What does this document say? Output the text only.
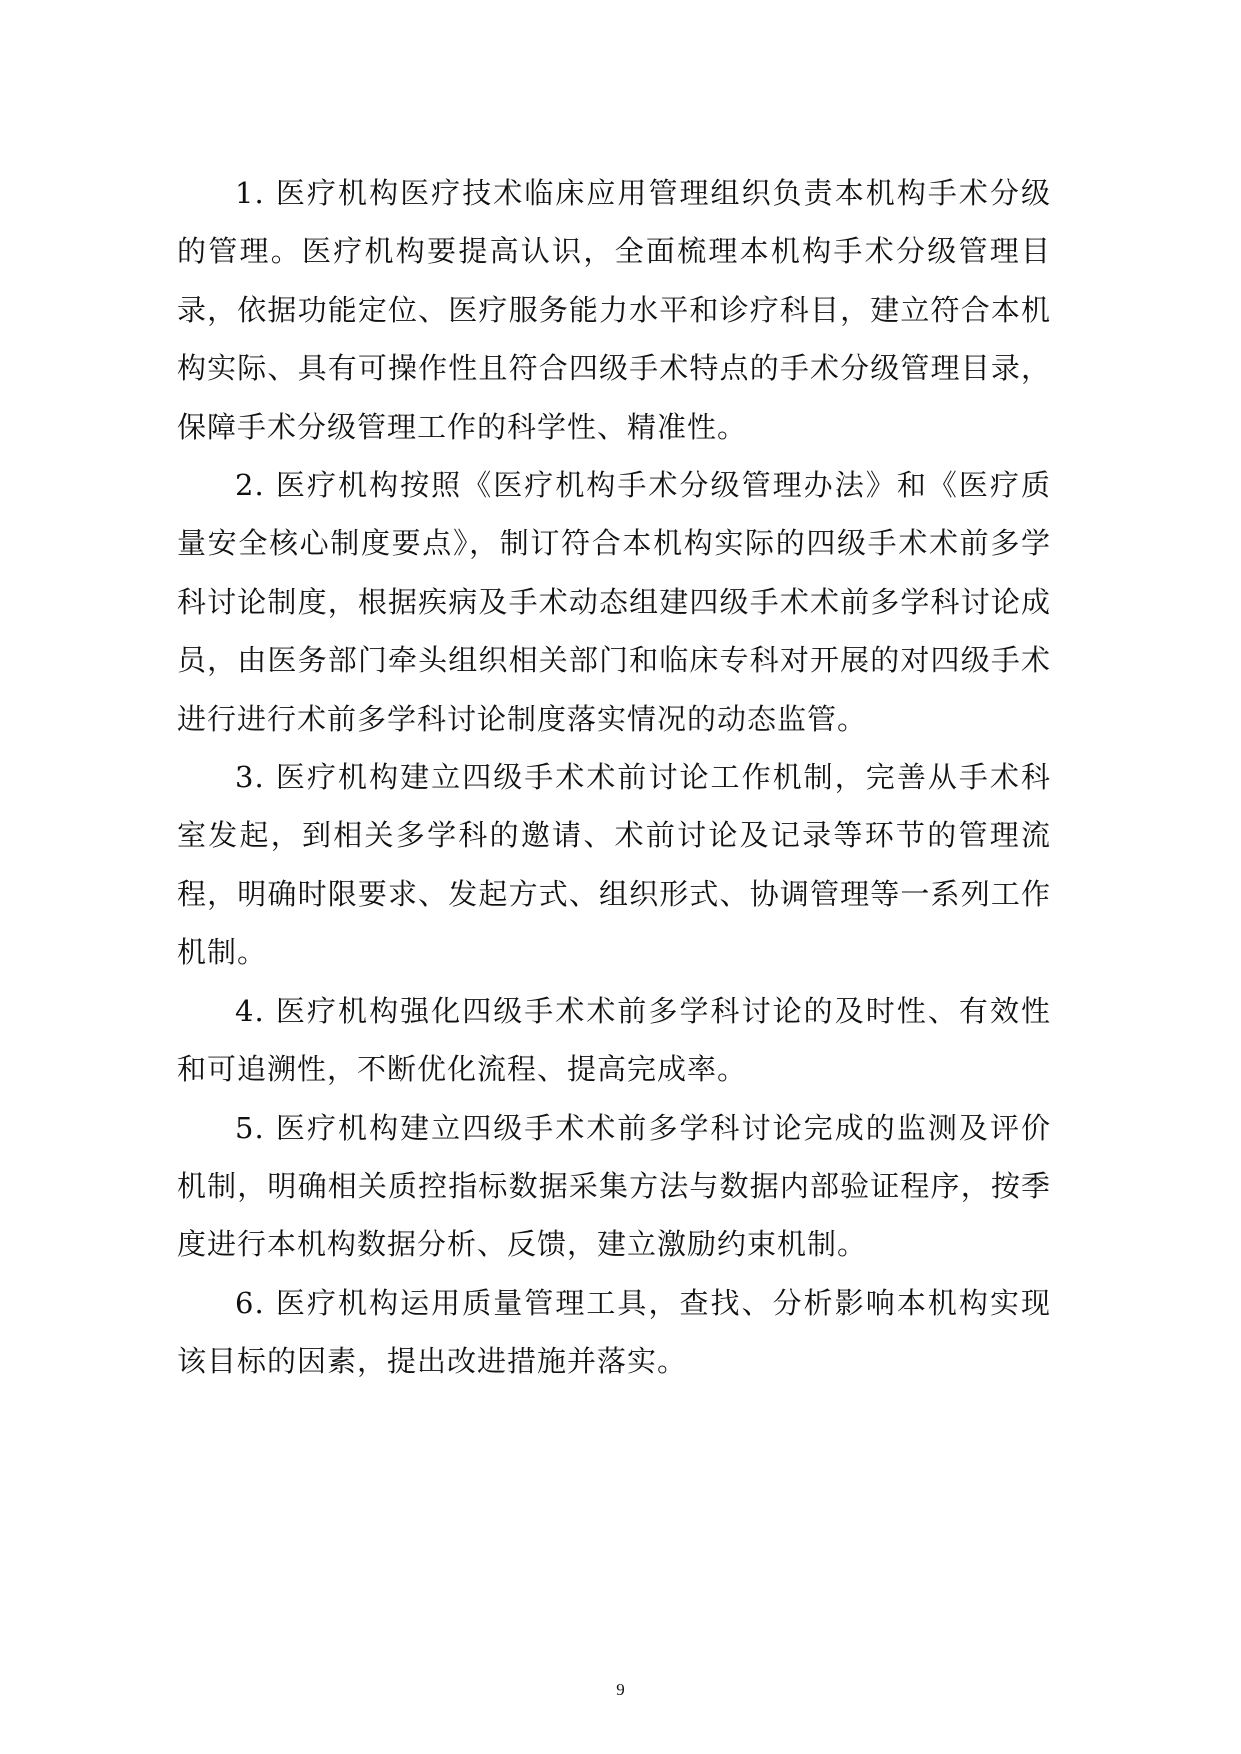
1. 医疗机构医疗技术临床应用管理组织负责本机构手术分级的管理。医疗机构要提高认识，全面梳理本机构手术分级管理目录，依据功能定位、医疗服务能力水平和诊疗科目，建立符合本机构实际、具有可操作性且符合四级手术特点的手术分级管理目录，保障手术分级管理工作的科学性、精准性。

2. 医疗机构按照《医疗机构手术分级管理办法》和《医疗质量安全核心制度要点》，制订符合本机构实际的四级手术术前多学科讨论制度，根据疾病及手术动态组建四级手术术前多学科讨论成员，由医务部门牵头组织相关部门和临床专科对开展的对四级手术进行进行术前多学科讨论制度落实情况的动态监管。

3. 医疗机构建立四级手术术前讨论工作机制，完善从手术科室发起，到相关多学科的邀请、术前讨论及记录等环节的管理流程，明确时限要求、发起方式、组织形式、协调管理等一系列工作机制。

4. 医疗机构强化四级手术术前多学科讨论的及时性、有效性和可追溯性，不断优化流程、提高完成率。

5. 医疗机构建立四级手术术前多学科讨论完成的监测及评价机制，明确相关质控指标数据采集方法与数据内部验证程序，按季度进行本机构数据分析、反馈，建立激励约束机制。

6. 医疗机构运用质量管理工具，查找、分析影响本机构实现该目标的因素，提出改进措施并落实。

9
